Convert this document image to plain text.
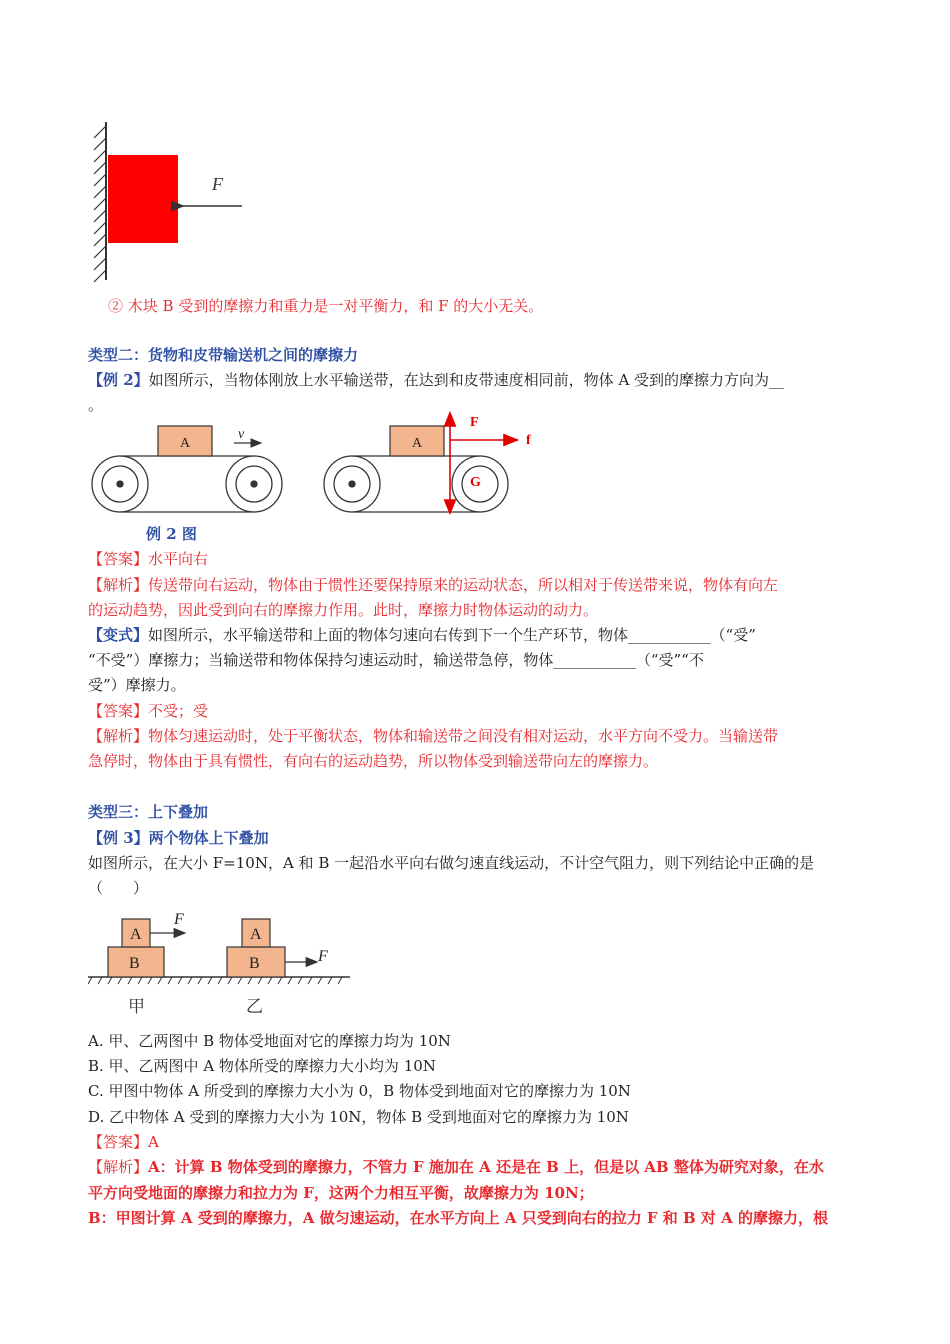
F
② 木块 B 受到的摩擦力和重力是一对平衡力，和 F 的大小无关。
类型二：货物和皮带输送机之间的摩擦力
【例 2】如图所示，当物体刚放上水平输送带，在达到和皮带速度相同前，物体 A 受到的摩擦力方向为__
。
A
v
A
F
f
G
例 2 图
【答案】水平向右
【解析】传送带向右运动，物体由于惯性还要保持原来的运动状态，所以相对于传送带来说，物体有向左
的运动趋势，因此受到向右的摩擦力作用。此时，摩擦力时物体运动的动力。
【变式】如图所示，水平输送带和上面的物体匀速向右传到下一个生产环节，物体___________（“受”
“不受”）摩擦力；当输送带和物体保持匀速运动时，输送带急停，物体___________（“受”“不
受”）摩擦力。
【答案】不受；受
【解析】物体匀速运动时，处于平衡状态，物体和输送带之间没有相对运动，水平方向不受力。当输送带
急停时，物体由于具有惯性，有向右的运动趋势，所以物体受到输送带向左的摩擦力。
类型三：上下叠加
【例 3】两个物体上下叠加
如图所示，在大小 F=10N，A 和 B 一起沿水平向右做匀速直线运动，不计空气阻力，则下列结论中正确的是
（　　）
A
B
F
A
B	F
甲	乙
A. 甲、乙两图中 B 物体受地面对它的摩擦力均为 10N
B. 甲、乙两图中 A 物体所受的摩擦力大小均为 10N
C. 甲图中物体 A 所受到的摩擦力大小为 0，B 物体受到地面对它的摩擦力为 10N
D. 乙中物体 A 受到的摩擦力大小为 10N，物体 B 受到地面对它的摩擦力为 10N
【答案】A
【解析】A：计算 B 物体受到的摩擦力，不管力 F 施加在 A 还是在 B 上，但是以 AB 整体为研究对象，在水
平方向受地面的摩擦力和拉力为 F，这两个力相互平衡，故摩擦力为 10N；
B：甲图计算 A 受到的摩擦力，A 做匀速运动，在水平方向上 A 只受到向右的拉力 F 和 B 对 A 的摩擦力，根
